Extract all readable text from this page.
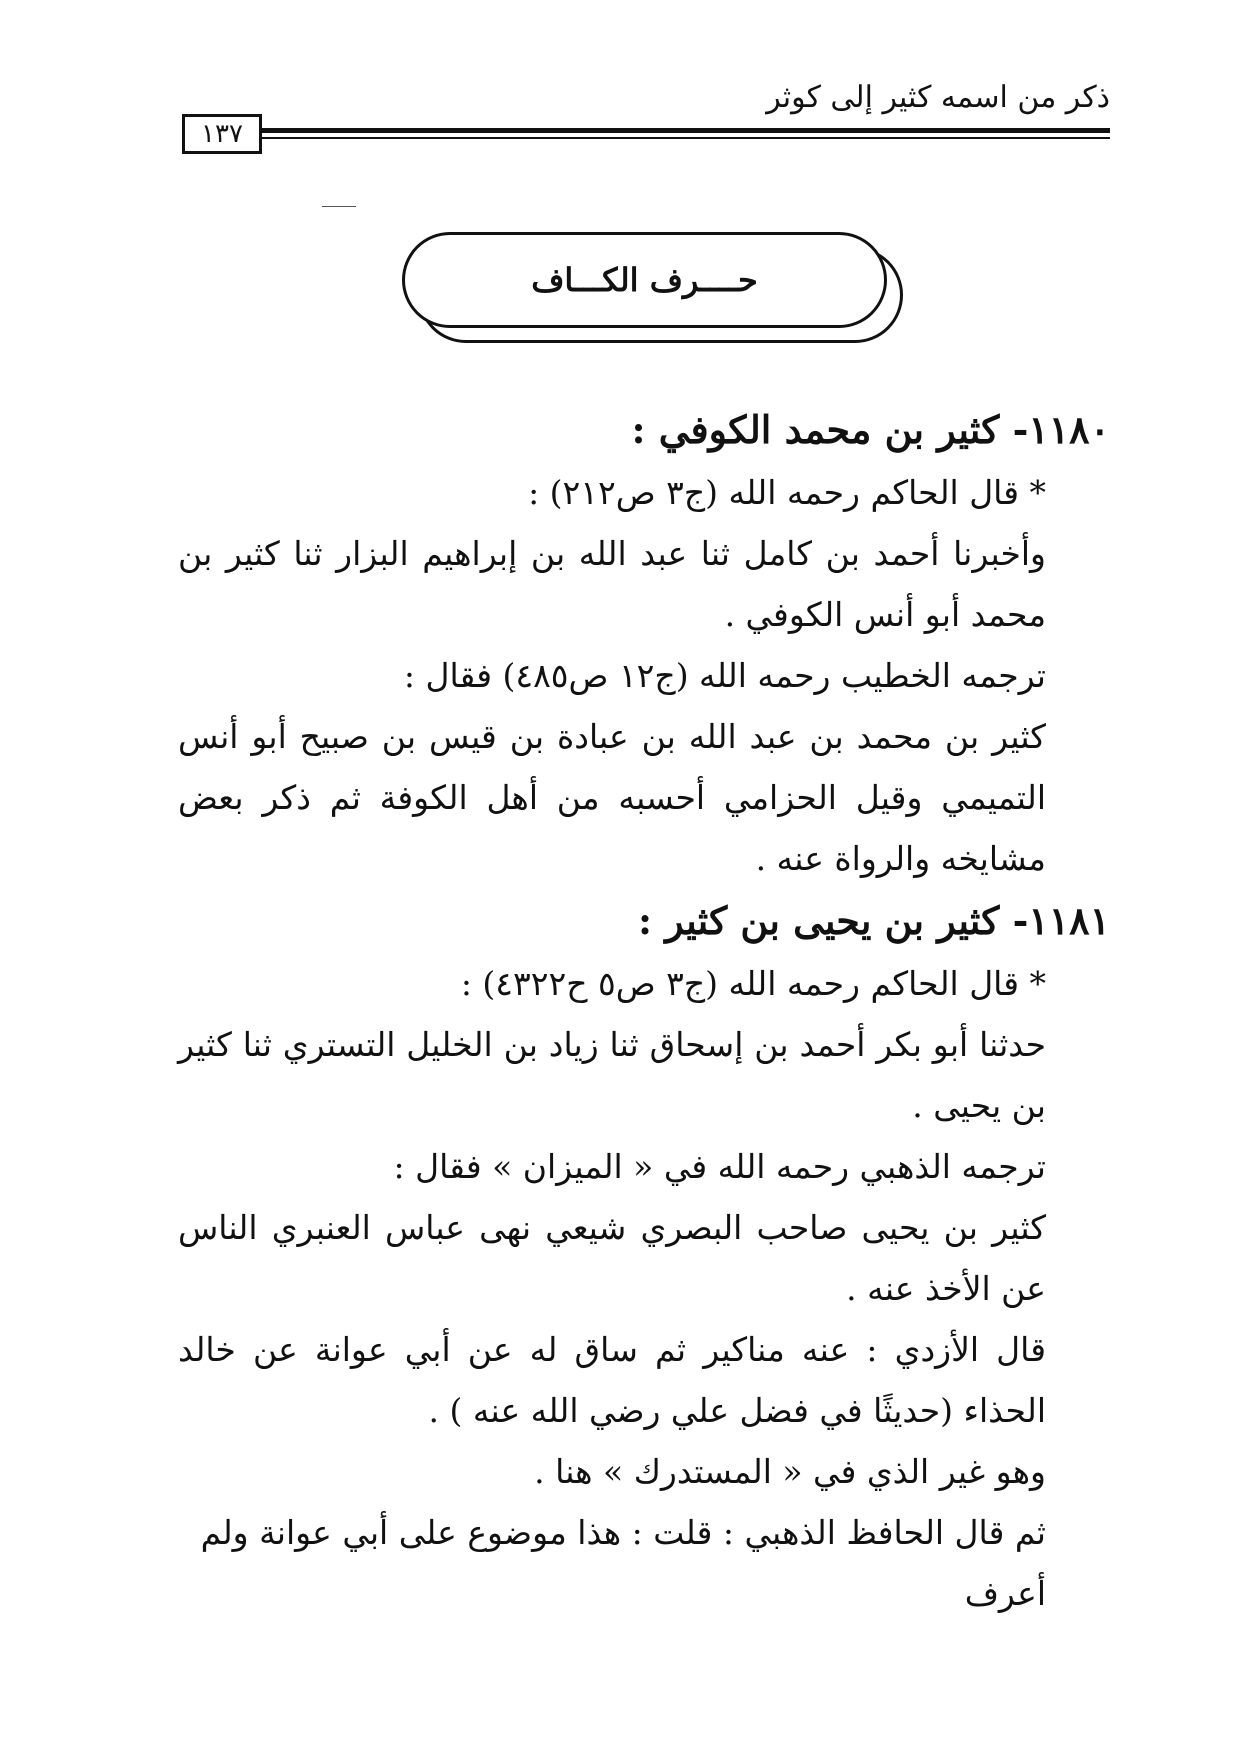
ذكر من اسمه كثير إلى كوثر
١٣٧
حــــرف الكـــاف

١١٨٠- كثير بن محمد الكوفي :

* قال الحاكم رحمه الله (ج٣ ص٢١٢) :

وأخبرنا أحمد بن كامل ثنا عبد الله بن إبراهيم البزار ثنا كثير بن محمد أبو أنس الكوفي .

ترجمه الخطيب رحمه الله (ج١٢ ص٤٨٥) فقال :

كثير بن محمد بن عبد الله بن عبادة بن قيس بن صبيح أبو أنس التميمي وقيل الحزامي أحسبه من أهل الكوفة ثم ذكر بعض مشايخه والرواة عنه .

١١٨١- كثير بن يحيى بن كثير :

* قال الحاكم رحمه الله (ج٣ ص٥ ح٤٣٢٢) :

حدثنا أبو بكر أحمد بن إسحاق ثنا زياد بن الخليل التستري ثنا كثير بن يحيى .

ترجمه الذهبي رحمه الله في « الميزان » فقال :

كثير بن يحيى صاحب البصري شيعي نهى عباس العنبري الناس عن الأخذ عنه .

قال الأزدي : عنه مناكير ثم ساق له عن أبي عوانة عن خالد الحذاء (حديثًا في فضل علي رضي الله عنه ) .

وهو غير الذي في « المستدرك » هنا .

ثم قال الحافظ الذهبي : قلت : هذا موضوع على أبي عوانة ولم أعرف
